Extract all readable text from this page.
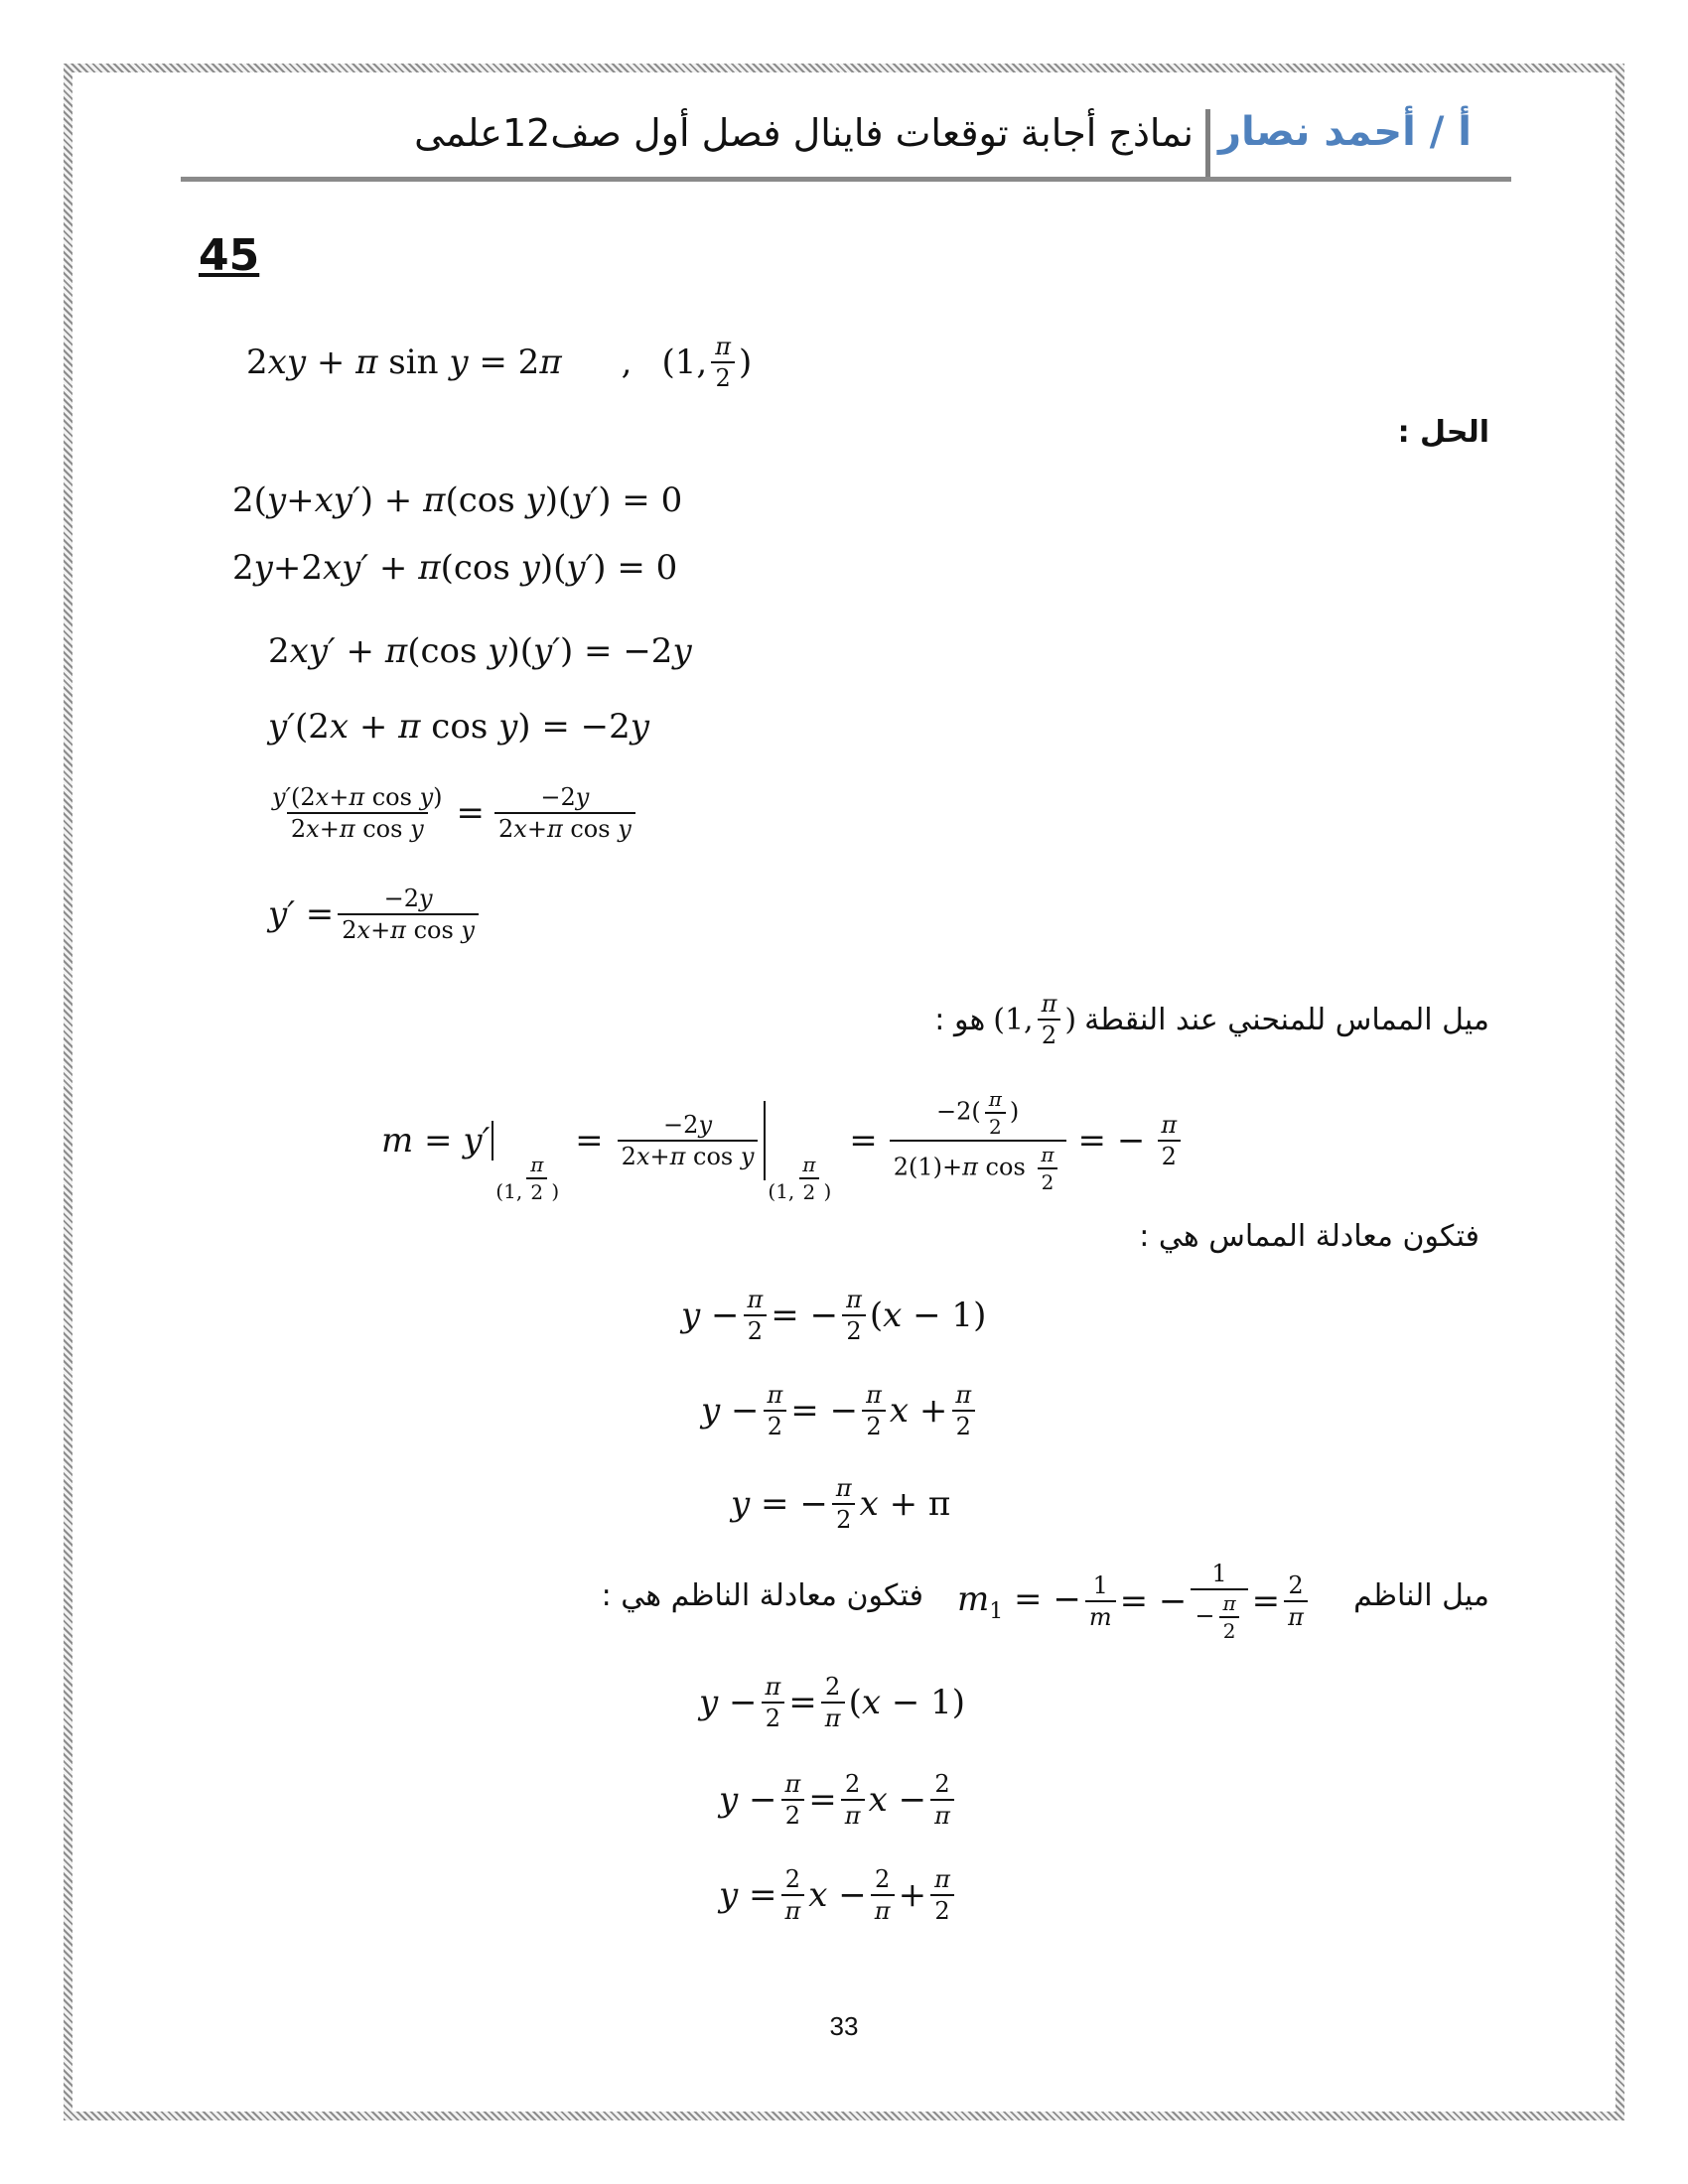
أ / أحمد نصار
نماذج أجابة توقعات فاينال فصل أول صف12علمى
45
2xy + π sin y = 2π , (1, $\frac{\pi}{2}$ )
الحل :
2(y+xy′) + π(cos y)(y′) = 0
2y+2xy′ + π(cos y)(y′) = 0
2xy′ + π(cos y)(y′) = −2y
y′(2x + π cos y) = −2y
$\frac{\text{y′(2x+π cos y)}}{\text{2x+π cos y}} = \frac{-2y}{\text{2x+π cos y}}$
$y' = \frac{-2y}{\text{2x+π cos y}}$
ميل المماس للمنحني عند النقطة
(1, $\frac{\pi}{2}$ )
هو :
m = y′
(1, $\frac{\pi}{2}$ )
= $\frac{-2y}{\text{2x+π cos y}}$
(1, $\frac{\pi}{2}$ )
= $\frac{-2( \frac{\pi}{2} )}{2(1)+\pi \cos \frac{\pi}{2}}$ = − $\frac{\pi}{2}$
فتكون معادلة المماس هي :
$y - \frac{\pi}{2}$ = − $\frac{\pi}{2} (x - 1)$
$y - \frac{\pi}{2}$ = − $\frac{\pi}{2}$ $x + \frac{\pi}{2}$
y = − $\frac{\pi}{2}$ x + π
ميل الناظم
$m_1$ = − $\frac{1}{m}$ = − $\frac{1}{- \frac{\pi}{2}} = \frac{2}{\pi}$
فتكون معادلة الناظم هي :
$y - \frac{\pi}{2} = \frac{2}{\pi} (x - 1)$
$y - \frac{\pi}{2} = \frac{2}{\pi}$ $x - \frac{2}{\pi}$
$y = \frac{2}{\pi}$ $x - \frac{2}{\pi} + \frac{\pi}{2}$
33
